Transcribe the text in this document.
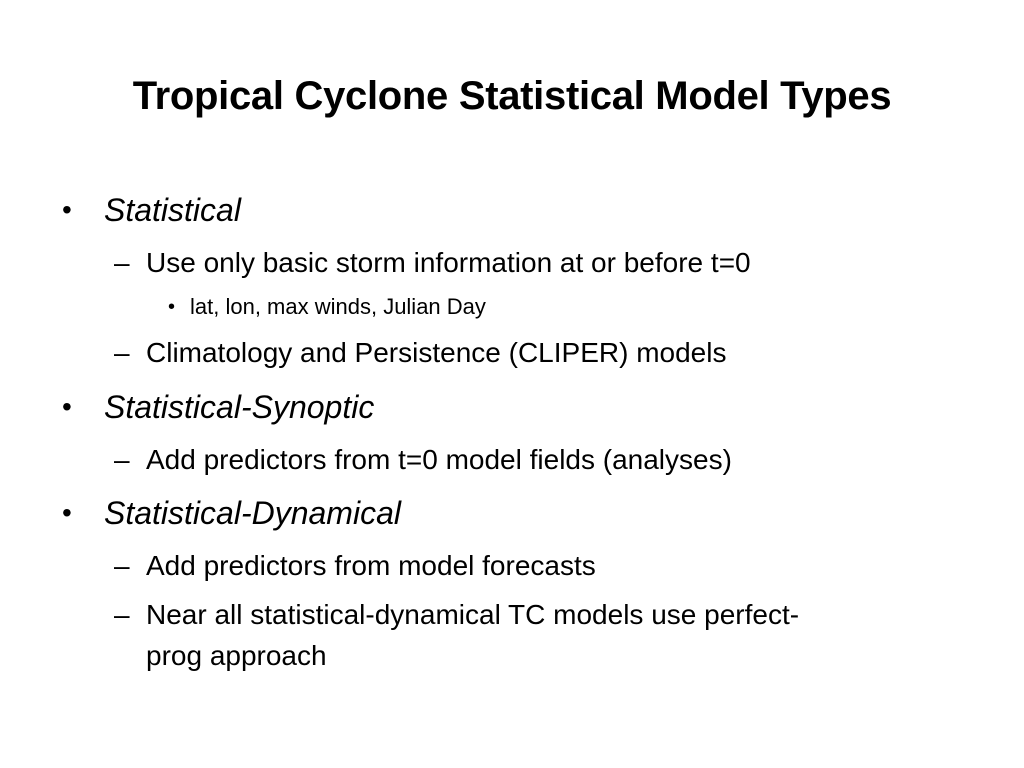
Tropical Cyclone Statistical Model Types
• Statistical
– Use only basic storm information at or before t=0
• lat, lon, max winds, Julian Day
– Climatology and Persistence (CLIPER) models
• Statistical-Synoptic
– Add predictors from t=0 model fields (analyses)
• Statistical-Dynamical
– Add predictors from model forecasts
– Near all statistical-dynamical TC models use perfect-
prog approach
